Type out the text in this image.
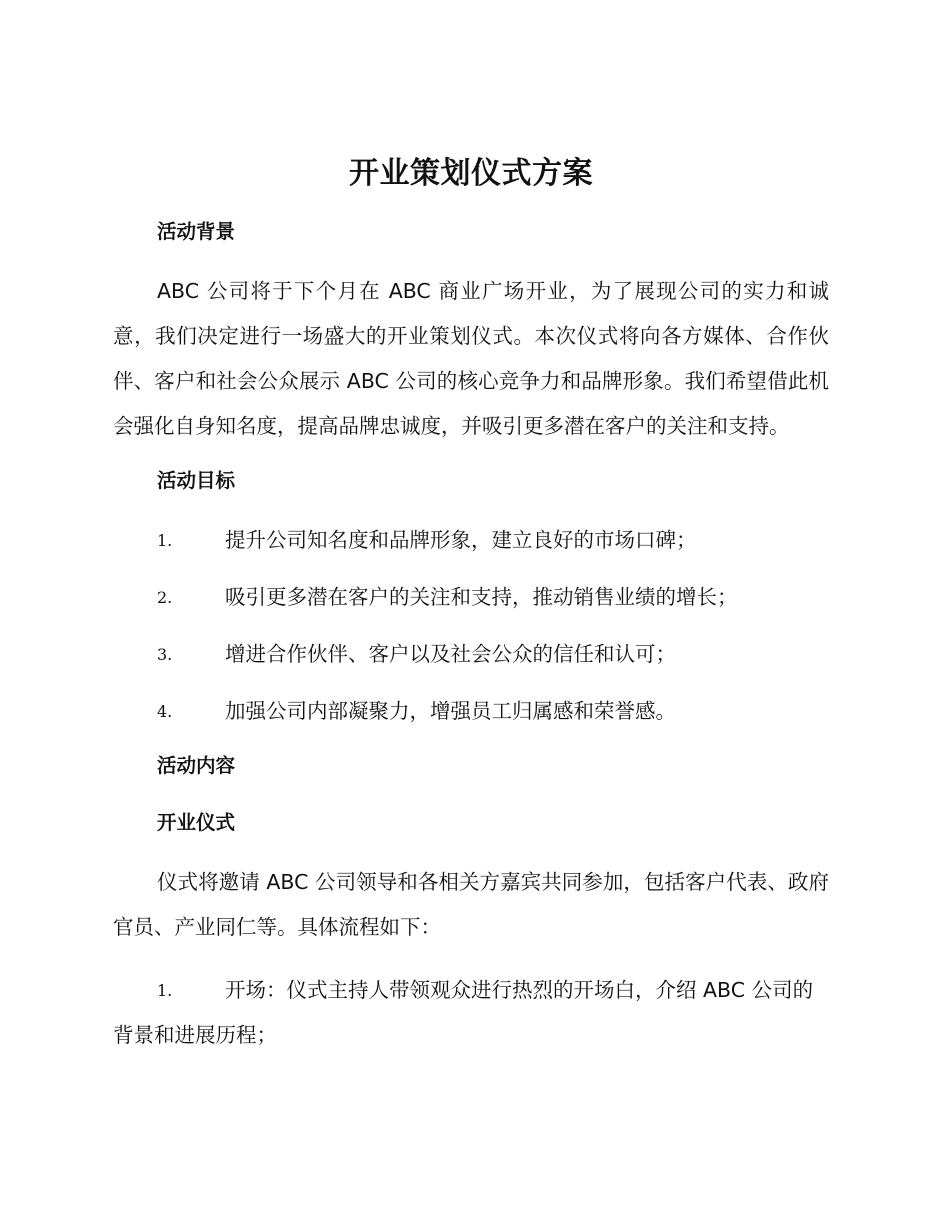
开业策划仪式方案
活动背景

ABC 公司将于下个月在 ABC 商业广场开业，为了展现公司的实力和诚意，我们决定进行一场盛大的开业策划仪式。本次仪式将向各方媒体、合作伙伴、客户和社会公众展示 ABC 公司的核心竞争力和品牌形象。我们希望借此机会强化自身知名度，提高品牌忠诚度，并吸引更多潜在客户的关注和支持。

活动目标
1.	提升公司知名度和品牌形象，建立良好的市场口碑；
2.	吸引更多潜在客户的关注和支持，推动销售业绩的增长；
3.	增进合作伙伴、客户以及社会公众的信任和认可；
4.	加强公司内部凝聚力，增强员工归属感和荣誉感。
活动内容
开业仪式

仪式将邀请 ABC 公司领导和各相关方嘉宾共同参加，包括客户代表、政府官员、产业同仁等。具体流程如下：

1.	开场：仪式主持人带领观众进行热烈的开场白，介绍 ABC 公司的背景和进展历程；
